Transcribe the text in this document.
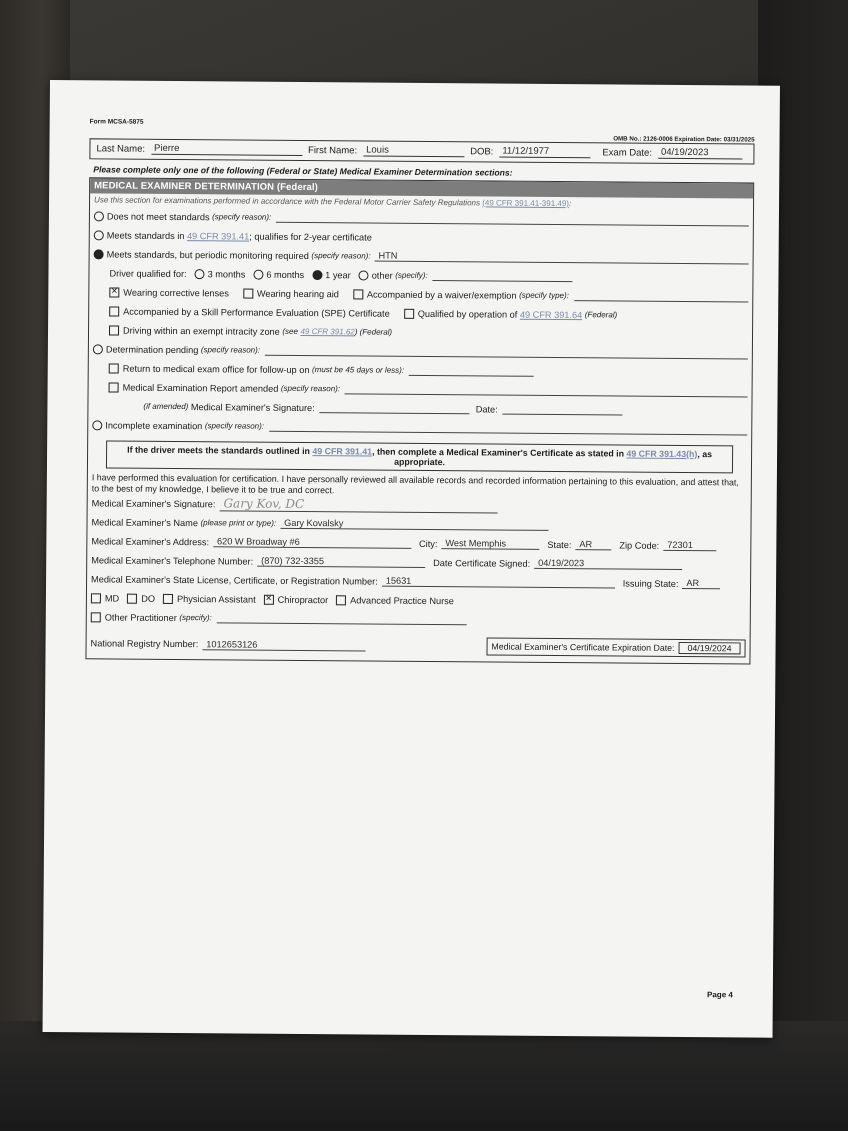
Form MCSA-5875
OMB No.: 2126-0006 Expiration Date: 03/31/2025
Last Name: Pierre	First Name: Louis	DOB: 11/12/1977	Exam Date: 04/19/2023
Please complete only one of the following (Federal or State) Medical Examiner Determination sections:
MEDICAL EXAMINER DETERMINATION (Federal)
Use this section for examinations performed in accordance with the Federal Motor Carrier Safety Regulations (49 CFR 391.41-391.49):
Does not meet standards
(specify reason):
Meets standards in
49 CFR 391.41 ; qualifies for 2-year certificate
Meets standards, but periodic monitoring required
(specify reason): HTN
Driver qualified for: 3 months 6 months 1 year other
(specify):
✕
Wearing corrective lenses	Wearing hearing aid	Accompanied by a waiver/exemption
(specify type):
Accompanied by a Skill Performance Evaluation (SPE) Certificate	Qualified by operation of
49 CFR 391.64
(Federal)
Driving within an exempt intracity zone
(see
49 CFR 391.62 ) (Federal)
Determination pending
(specify reason):
Return to medical exam office for follow-up on
(must be 45 days or less):
Medical Examination Report amended
(specify reason):
(if amended)
Medical Examiner's Signature:	Date:
Incomplete examination
(specify reason):
If the driver meets the standards outlined in 49 CFR 391.41, then complete a Medical Examiner's Certificate as stated in 49 CFR 391.43(h), as appropriate.
I have performed this evaluation for certification. I have personally reviewed all available records and recorded information pertaining to this evaluation, and attest that, to the best of my knowledge, I believe it to be true and correct.
Medical Examiner's Signature: Gary Kov, DC
Medical Examiner's Name
(please print or type): Gary Kovalsky
Medical Examiner's Address: 620 W Broadway #6	City: West Memphis	State: AR	Zip Code: 72301
Medical Examiner's Telephone Number: (870) 732-3355	Date Certificate Signed: 04/19/2023
Medical Examiner's State License, Certificate, or Registration Number: 15631	Issuing State: AR
MD DO Physician Assistant
✕ Chiropractor Advanced Practice Nurse
Other Practitioner
(specify):
National Registry Number: 1012653126	Medical Examiner's Certificate Expiration Date:	04/19/2024
Page 4
